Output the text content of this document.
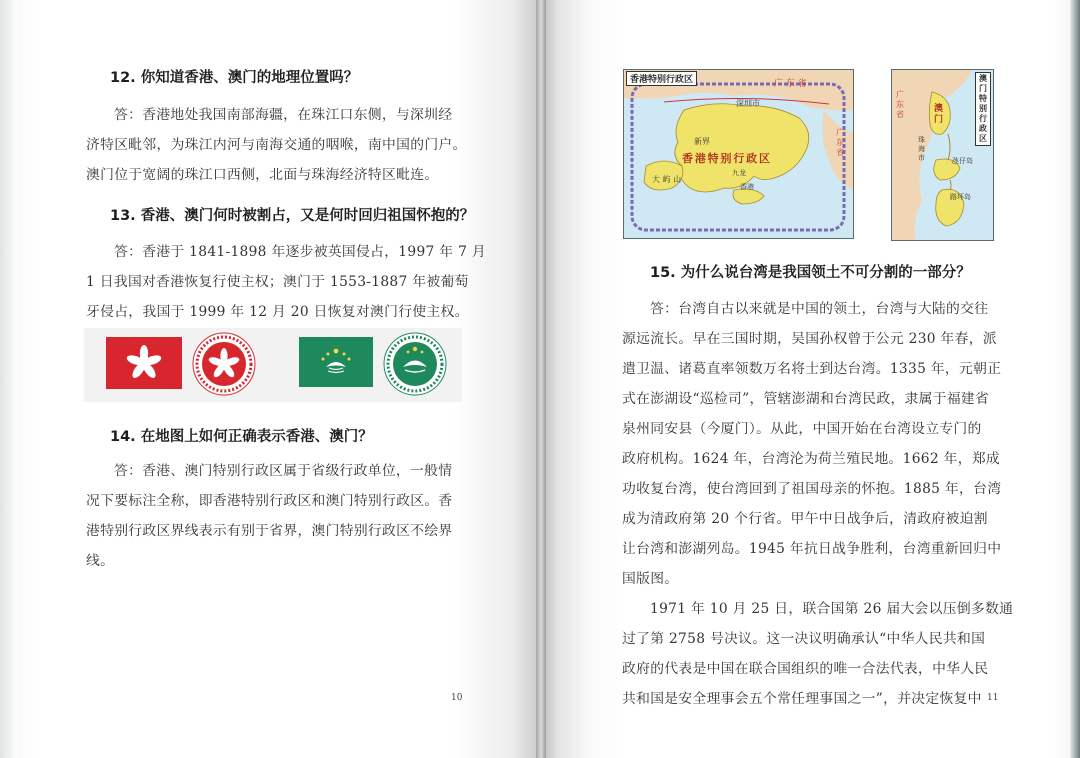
12. 你知道香港、澳门的地理位置吗？
答：香港地处我国南部海疆，在珠江口东侧，与深圳经
济特区毗邻，为珠江内河与南海交通的咽喉，南中国的门户。
澳门位于宽阔的珠江口西侧，北面与珠海经济特区毗连。
13. 香港、澳门何时被割占，又是何时回归祖国怀抱的？
答：香港于 1841-1898 年逐步被英国侵占，1997 年 7 月
1 日我国对香港恢复行使主权；澳门于 1553-1887 年被葡萄
牙侵占，我国于 1999 年 12 月 20 日恢复对澳门行使主权。
14. 在地图上如何正确表示香港、澳门？
答：香港、澳门特别行政区属于省级行政单位，一般情
况下要标注全称，即香港特别行政区和澳门特别行政区。香
港特别行政区界线表示有别于省界，澳门特别行政区不绘界
线。
10
香港特别行政区	广 东 省
深圳市
新界
香 港 特 别 行 政 区
九龙
香港
大 屿 山
广东省
澳门特别行政区
广东省
澳门
珠海市	氹仔岛
路环岛
15. 为什么说台湾是我国领土不可分割的一部分？
答：台湾自古以来就是中国的领土，台湾与大陆的交往
源远流长。早在三国时期，吴国孙权曾于公元 230 年春，派
遣卫温、诸葛直率领数万名将士到达台湾。1335 年，元朝正
式在澎湖设“巡检司”，管辖澎湖和台湾民政，隶属于福建省
泉州同安县（今厦门）。从此，中国开始在台湾设立专门的
政府机构。1624 年，台湾沦为荷兰殖民地。1662 年，郑成
功收复台湾，使台湾回到了祖国母亲的怀抱。1885 年，台湾
成为清政府第 20 个行省。甲午中日战争后，清政府被迫割
让台湾和澎湖列岛。1945 年抗日战争胜利，台湾重新回归中
国版图。
1971 年 10 月 25 日，联合国第 26 届大会以压倒多数通
过了第 2758 号决议。这一决议明确承认“中华人民共和国
政府的代表是中国在联合国组织的唯一合法代表，中华人民
共和国是安全理事会五个常任理事国之一”，并决定恢复中 11
